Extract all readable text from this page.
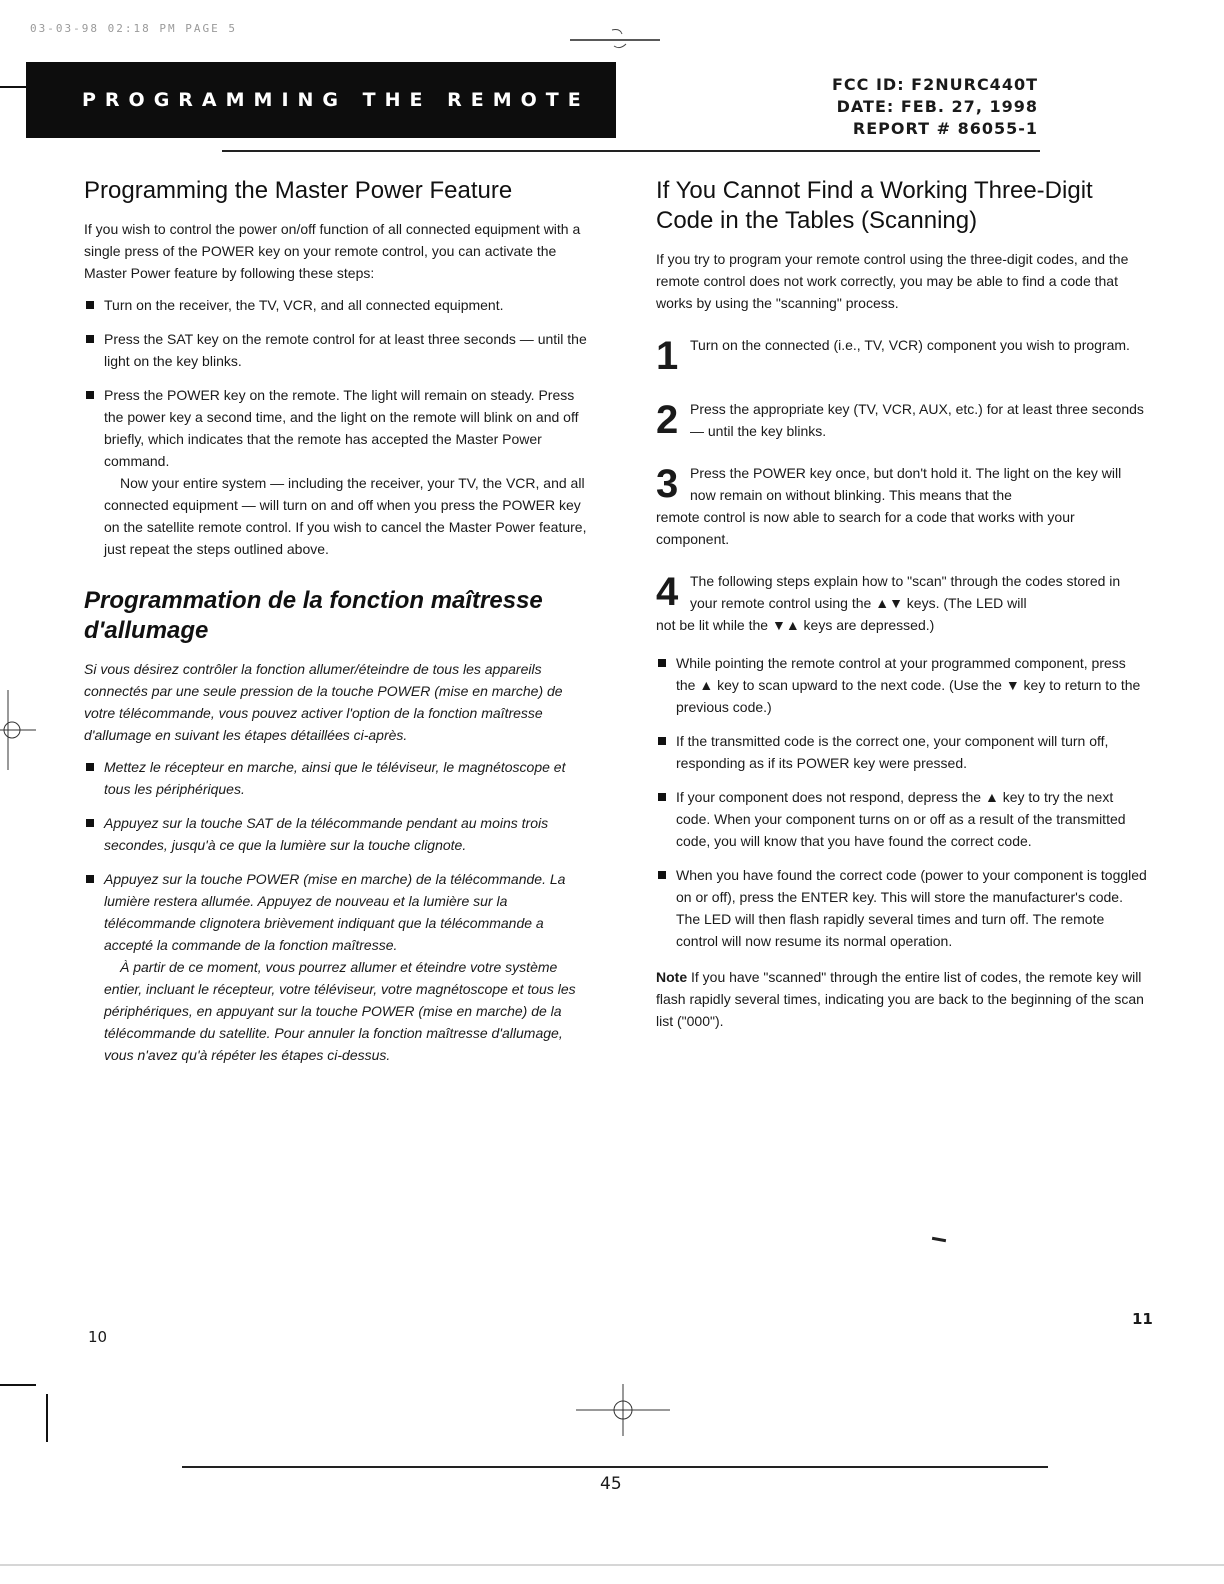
03-03-98 02:18 PM PAGE 5
PROGRAMMING THE REMOTE
FCC ID: F2NURC440T
DATE: FEB. 27, 1998
REPORT # 86055-1
Programming the Master Power Feature

If you wish to control the power on/off function of all connected equipment with a single press of the POWER key on your remote control, you can activate the Master Power feature by following these steps:

Turn on the receiver, the TV, VCR, and all connected equipment.
Press the SAT key on the remote control for at least three seconds — until the light on the key blinks.
Press the POWER key on the remote. The light will remain on steady. Press the power key a second time, and the light on the remote will blink on and off briefly, which indicates that the remote has accepted the Master Power command.
Now your entire system — including the receiver, your TV, the VCR, and all connected equipment — will turn on and off when you press the POWER key on the satellite remote control. If you wish to cancel the Master Power feature, just repeat the steps outlined above.
Programmation de la fonction maîtresse d'allumage

Si vous désirez contrôler la fonction allumer/éteindre de tous les appareils connectés par une seule pression de la touche POWER (mise en marche) de votre télécommande, vous pouvez activer l'option de la fonction maîtresse d'allumage en suivant les étapes détaillées ci-après.

Mettez le récepteur en marche, ainsi que le téléviseur, le magnétoscope et tous les périphériques.
Appuyez sur la touche SAT de la télécommande pendant au moins trois secondes, jusqu'à ce que la lumière sur la touche clignote.
Appuyez sur la touche POWER (mise en marche) de la télécommande. La lumière restera allumée. Appuyez de nouveau et la lumière sur la télécommande clignotera brièvement indiquant que la télécommande a accepté la commande de la fonction maîtresse.
À partir de ce moment, vous pourrez allumer et éteindre votre système entier, incluant le récepteur, votre téléviseur, votre magnétoscope et tous les périphériques, en appuyant sur la touche POWER (mise en marche) de la télécommande du satellite. Pour annuler la fonction maîtresse d'allumage, vous n'avez qu'à répéter les étapes ci-dessus.
If You Cannot Find a Working Three-Digit Code in the Tables (Scanning)

If you try to program your remote control using the three-digit codes, and the remote control does not work correctly, you may be able to find a code that works by using the "scanning" process.

1 Turn on the connected (i.e., TV, VCR) component you wish to program.
2 Press the appropriate key (TV, VCR, AUX, etc.) for at least three seconds — until the key blinks.
3 Press the POWER key once, but don't hold it. The light on the key will now remain on without blinking. This means that the
remote control is now able to search for a code that works with your component.
4 The following steps explain how to "scan" through the codes stored in your remote control using the ▲▼ keys. (The LED will
not be lit while the ▼▲ keys are depressed.)
While pointing the remote control at your programmed component, press the ▲ key to scan upward to the next code. (Use the ▼ key to return to the previous code.)
If the transmitted code is the correct one, your component will turn off, responding as if its POWER key were pressed.
If your component does not respond, depress the ▲ key to try the next code. When your component turns on or off as a result of the transmitted code, you will know that you have found the correct code.
When you have found the correct code (power to your component is toggled on or off), press the ENTER key. This will store the manufacturer's code. The LED will then flash rapidly several times and turn off. The remote control will now resume its normal operation.

Note If you have "scanned" through the entire list of codes, the remote key will flash rapidly several times, indicating you are back to the beginning of the scan list ("000").

10
11
45
